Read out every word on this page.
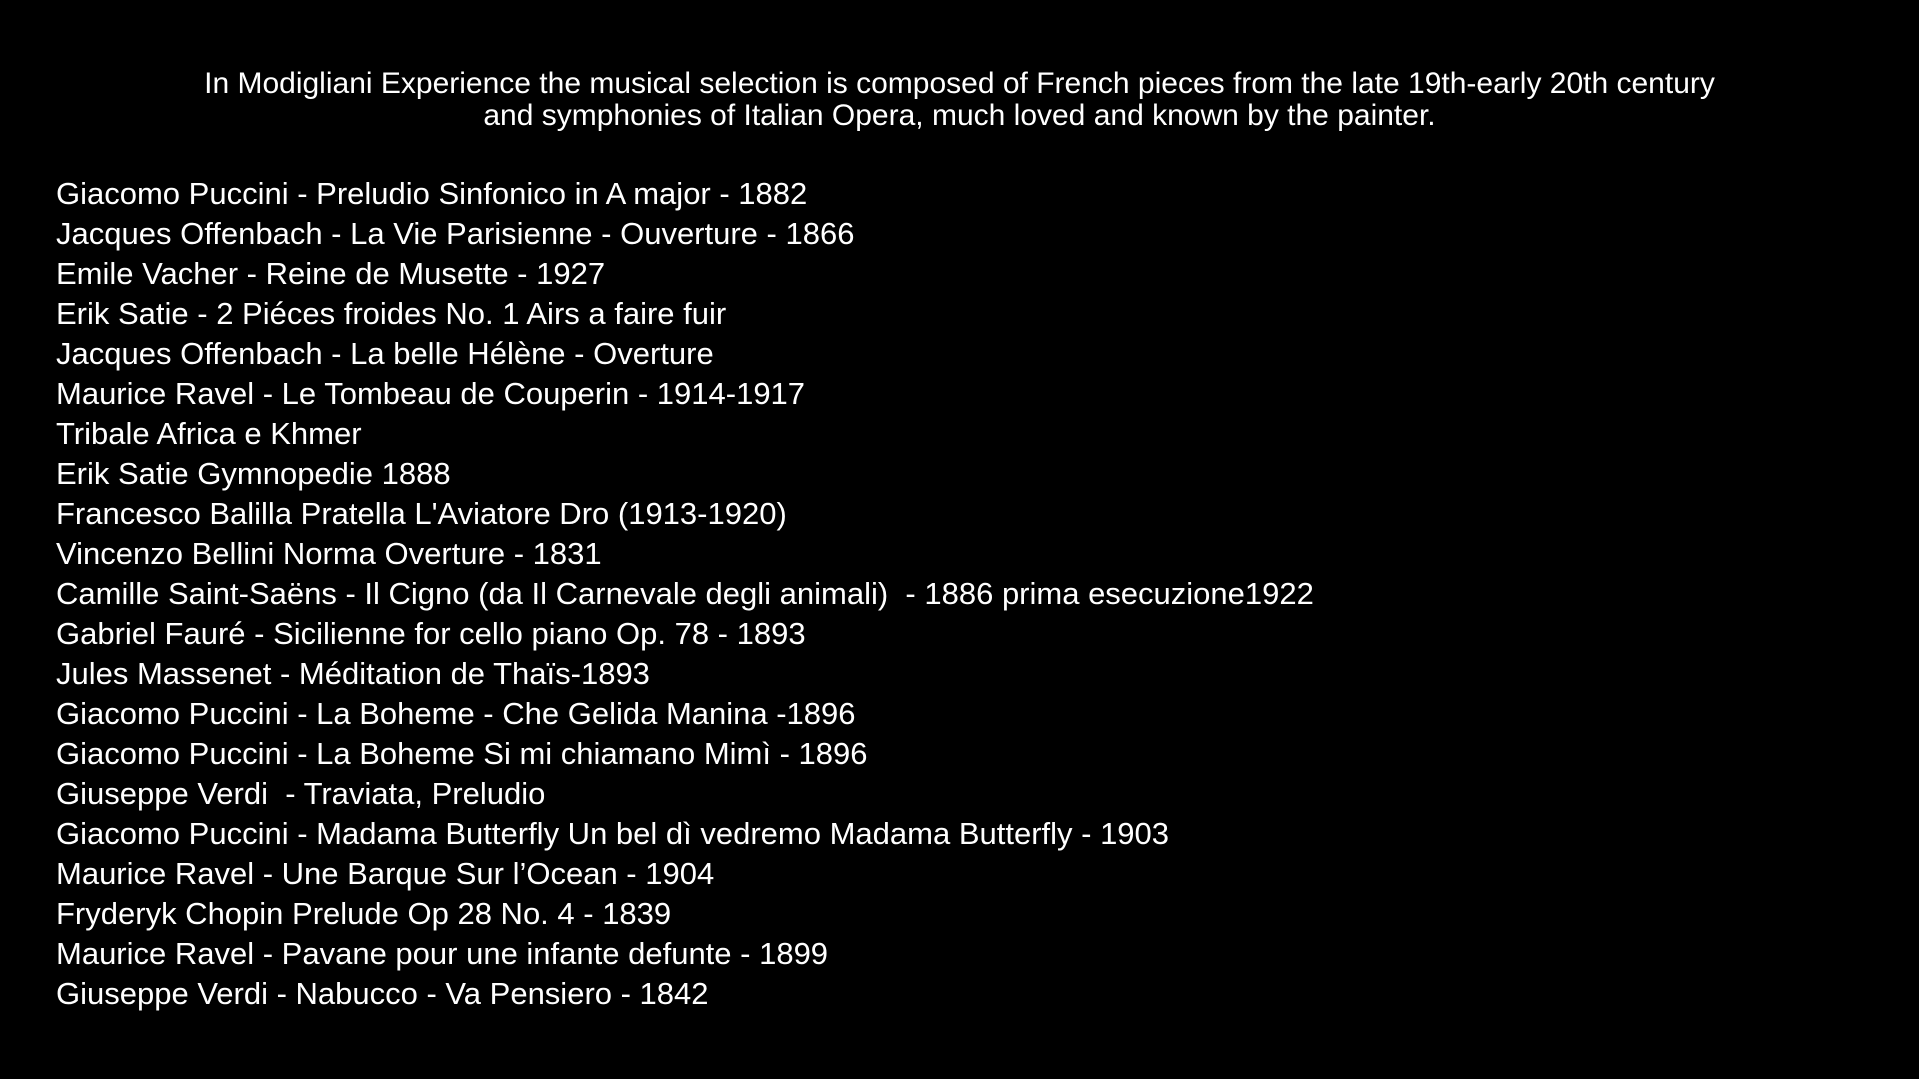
In Modigliani Experience the musical selection is composed of French pieces from the late 19th-early 20th century
and symphonies of Italian Opera, much loved and known by the painter.
Giacomo Puccini - Preludio Sinfonico in A major - 1882
Jacques Offenbach - La Vie Parisienne - Ouverture - 1866
Emile Vacher - Reine de Musette - 1927
Erik Satie - 2 Piéces froides No. 1 Airs a faire fuir
Jacques Offenbach - La belle Hélène - Overture
Maurice Ravel - Le Tombeau de Couperin - 1914-1917
Tribale Africa e Khmer
Erik Satie Gymnopedie 1888
Francesco Balilla Pratella L'Aviatore Dro (1913-1920)
Vincenzo Bellini Norma Overture - 1831
Camille Saint-Saëns - Il Cigno (da Il Carnevale degli animali)  - 1886 prima esecuzione1922
Gabriel Fauré - Sicilienne for cello piano Op. 78 - 1893
Jules Massenet - Méditation de Thaïs-1893
Giacomo Puccini - La Boheme - Che Gelida Manina -1896
Giacomo Puccini - La Boheme Si mi chiamano Mimì - 1896
Giuseppe Verdi  - Traviata, Preludio
Giacomo Puccini - Madama Butterfly Un bel dì vedremo Madama Butterfly - 1903
Maurice Ravel - Une Barque Sur l’Ocean - 1904
Fryderyk Chopin Prelude Op 28 No. 4 - 1839
Maurice Ravel - Pavane pour une infante defunte - 1899
Giuseppe Verdi - Nabucco - Va Pensiero - 1842
